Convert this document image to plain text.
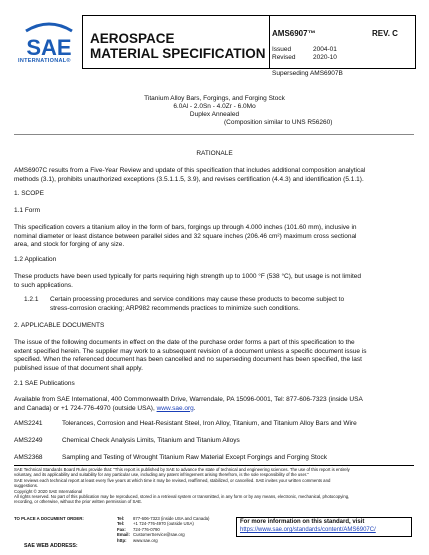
SAE
INTERNATIONAL®
AEROSPACE
MATERIAL SPECIFICATION
AMS6907™	REV. C
Issued	2004-01
Revised	2020-10
Superseding AMS6907B
Titanium Alloy Bars, Forgings, and Forging Stock
6.0Al - 2.0Sn - 4.0Zr - 6.0Mo
Duplex Annealed
(Composition similar to UNS R56260)
RATIONALE
AMS6907C results from a Five-Year Review and update of this specification that includes additional composition analytical
methods (3.1), prohibits unauthorized exceptions (3.5.1.1.5, 3.9), and revises certification (4.4.3) and identification (5.1.1).
1. SCOPE
1.1 Form
This specification covers a titanium alloy in the form of bars, forgings up through 4.000 inches (101.60 mm), inclusive in
nominal diameter or least distance between parallel sides and 32 square inches (206.46 cm²) maximum cross sectional
area, and stock for forging of any size.
1.2 Application
These products have been used typically for parts requiring high strength up to 1000 °F (538 °C), but usage is not limited
to such applications.
1.2.1 Certain processing procedures and service conditions may cause these products to become subject to
stress-corrosion cracking; ARP982 recommends practices to minimize such conditions.
2. APPLICABLE DOCUMENTS
The issue of the following documents in effect on the date of the purchase order forms a part of this specification to the
extent specified herein. The supplier may work to a subsequent revision of a document unless a specific document issue is
specified. When the referenced document has been cancelled and no superseding document has been specified, the last
published issue of that document shall apply.
2.1 SAE Publications
Available from SAE International, 400 Commonwealth Drive, Warrendale, PA 15096-0001, Tel: 877-606-7323 (inside USA
and Canada) or +1 724-776-4970 (outside USA), www.sae.org.
AMS2241	Tolerances, Corrosion and Heat-Resistant Steel, Iron Alloy, Titanium, and Titanium Alloy Bars and Wire
AMS2249	Chemical Check Analysis Limits, Titanium and Titanium Alloys
AMS2368	Sampling and Testing of Wrought Titanium Raw Material Except Forgings and Forging Stock
SAE Technical Standards Board Rules provide that: "This report is published by SAE to advance the state of technical and engineering sciences. The use of this report is entirely
voluntary, and its applicability and suitability for any particular use, including any patent infringement arising therefrom, is the sole responsibility of the user."
SAE reviews each technical report at least every five years at which time it may be revised, reaffirmed, stabilized, or cancelled. SAE invites your written comments and
suggestions.
Copyright © 2020 SAE International
All rights reserved. No part of this publication may be reproduced, stored in a retrieval system or transmitted, in any form or by any means, electronic, mechanical, photocopying,
recording, or otherwise, without the prior written permission of SAE.
TO PLACE A DOCUMENT ORDER:	Tel: 877-606-7323 (inside USA and Canada)
Tel: +1 724-776-4970 (outside USA)
Fax: 724-776-0790
Email: CustomerService@sae.org
http: www.sae.org
SAE WEB ADDRESS:
For more information on this standard, visit
https://www.sae.org/standards/content/AMS6907C/
